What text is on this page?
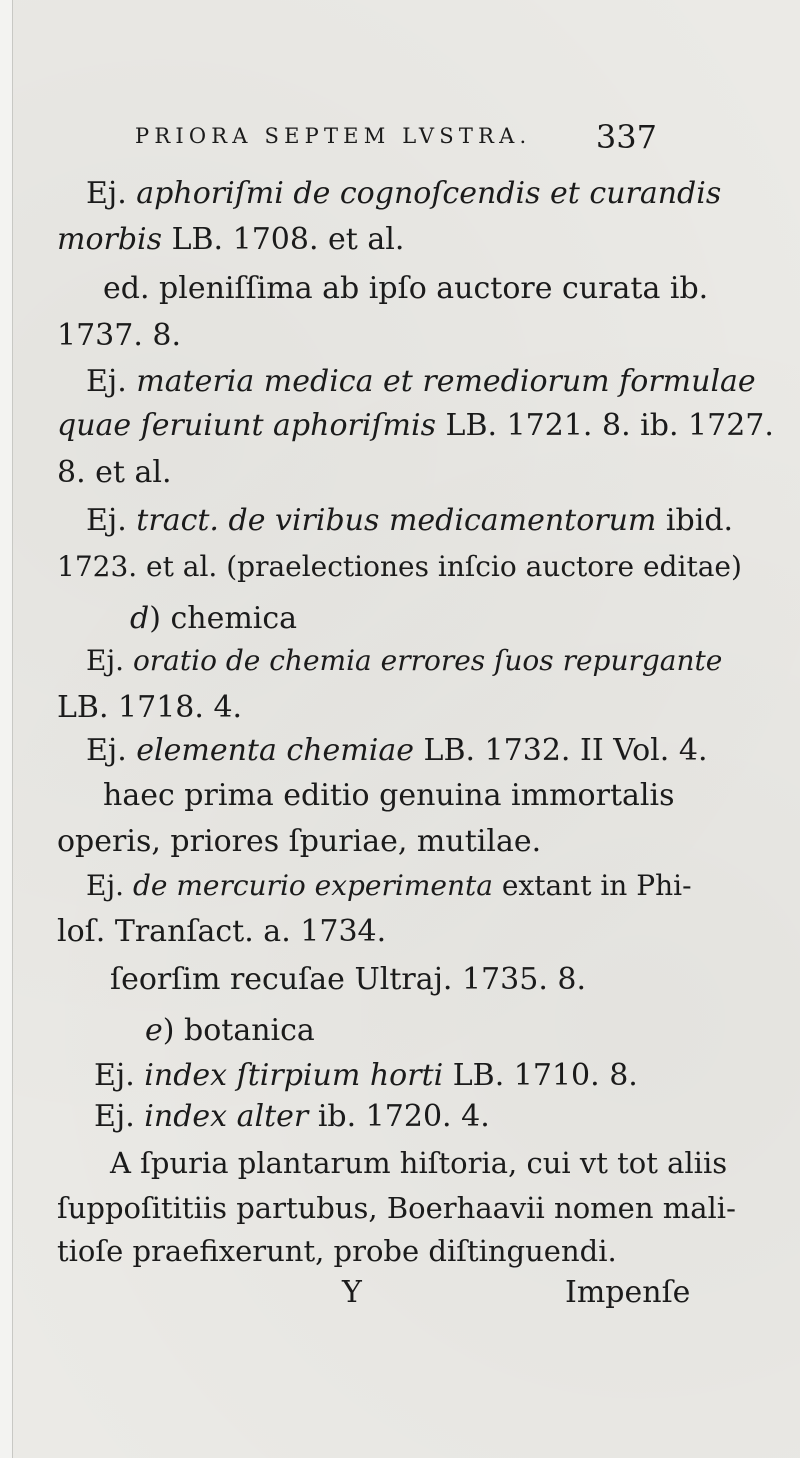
PRIORA SEPTEM LVSTRA. 337
Ej. aphoriſmi de cognoſcendis et curandis
morbis LB. 1708. et al.
ed. pleniſſima ab ipſo auctore curata ib.
1737. 8.
Ej. materia medica et remediorum formulae
quae ſeruiunt aphoriſmis LB. 1721. 8. ib. 1727.
8. et al.
Ej. tract. de viribus medicamentorum ibid.
1723. et al. (praelectiones inſcio auctore editae)
d) chemica
Ej. oratio de chemia errores ſuos repurgante
LB. 1718. 4.
Ej. elementa chemiae LB. 1732. II Vol. 4.
haec prima editio genuina immortalis
operis, priores ſpuriae, mutilae.
Ej. de mercurio experimenta extant in Phi-
loſ. Tranſact. a. 1734.
ſeorſim recuſae Ultraj. 1735. 8.
e) botanica
Ej. index ſtirpium horti LB. 1710. 8.
Ej. index alter ib. 1720. 4.
A ſpuria plantarum hiſtoria, cui vt tot aliis
ſuppoſititiis partubus, Boerhaavii nomen mali-
tioſe praefixerunt, probe diſtinguendi.
Y	Impenſe
